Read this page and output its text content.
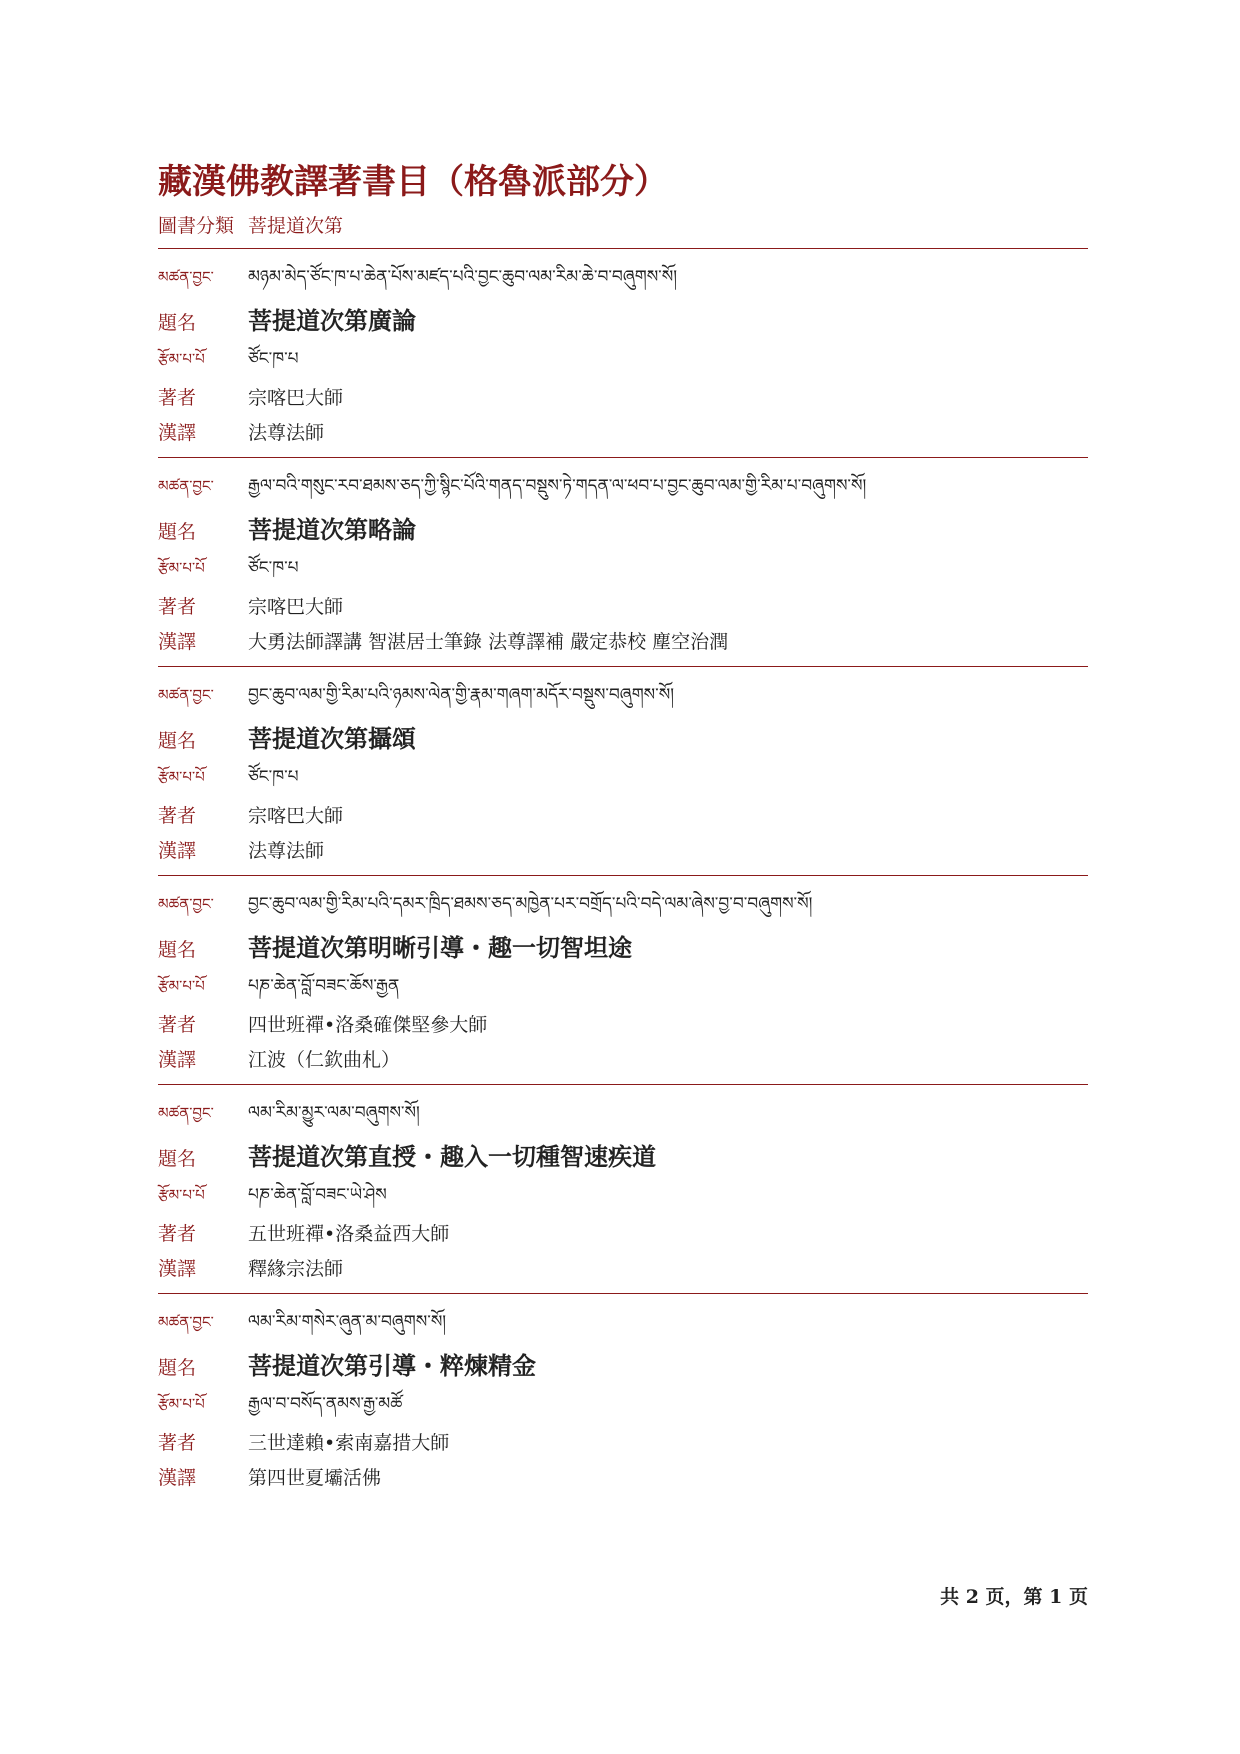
藏漢佛教譯著書目（格魯派部分）
圖書分類 菩提道次第
མཚན་བྱང་	མཉམ་མེད་ཙོང་ཁ་པ་ཆེན་པོས་མཛད་པའི་བྱང་ཆུབ་ལམ་རིམ་ཆེ་བ་བཞུགས་སོ།
題名	菩提道次第廣論
རྩོམ་པ་པོ	ཙོང་ཁ་པ
著者	宗喀巴大師
漢譯	法尊法師
མཚན་བྱང་	རྒྱལ་བའི་གསུང་རབ་ཐམས་ཅད་ཀྱི་སྙིང་པོའི་གནད་བསྡུས་ཏེ་གདན་ལ་ཕབ་པ་བྱང་ཆུབ་ལམ་གྱི་རིམ་པ་བཞུགས་སོ།
題名	菩提道次第略論
རྩོམ་པ་པོ	ཙོང་ཁ་པ
著者	宗喀巴大師
漢譯	大勇法師譯講 智湛居士筆錄 法尊譯補 嚴定恭校 塵空治潤
མཚན་བྱང་	བྱང་ཆུབ་ལམ་གྱི་རིམ་པའི་ཉམས་ལེན་གྱི་རྣམ་གཞག་མདོར་བསྡུས་བཞུགས་སོ།
題名	菩提道次第攝頌
རྩོམ་པ་པོ	ཙོང་ཁ་པ
著者	宗喀巴大師
漢譯	法尊法師
མཚན་བྱང་	བྱང་ཆུབ་ལམ་གྱི་རིམ་པའི་དམར་ཁྲིད་ཐམས་ཅད་མཁྱེན་པར་བགྲོད་པའི་བདེ་ལམ་ཞེས་བྱ་བ་བཞུགས་སོ།
題名	菩提道次第明晰引導・趣一切智坦途
རྩོམ་པ་པོ	པཎ་ཆེན་བློ་བཟང་ཆོས་རྒྱན
著者	四世班禪•洛桑確傑堅參大師
漢譯	江波（仁欽曲札）
མཚན་བྱང་	ལམ་རིམ་མྱུར་ལམ་བཞུགས་སོ།
題名	菩提道次第直授・趣入一切種智速疾道
རྩོམ་པ་པོ	པཎ་ཆེན་བློ་བཟང་ཡེ་ཤེས
著者	五世班禪•洛桑益西大師
漢譯	釋緣宗法師
མཚན་བྱང་	ལམ་རིམ་གསེར་ཞུན་མ་བཞུགས་སོ།
題名	菩提道次第引導・粹煉精金
རྩོམ་པ་པོ	རྒྱལ་བ་བསོད་ནམས་རྒྱ་མཚོ
著者	三世達賴•索南嘉措大師
漢譯	第四世夏壩活佛
共 2 页，第 1 页
